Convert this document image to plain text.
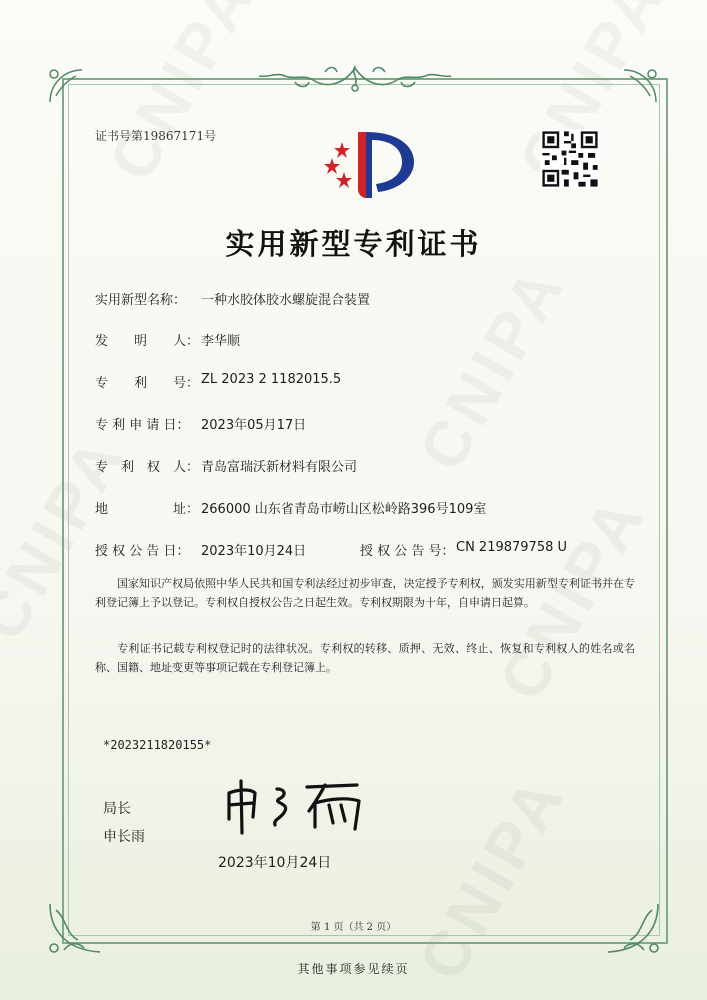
证书号第19867171号
实用新型专利证书
实用新型名称： 一种水胶体胶水螺旋混合装置
发　　明　　人： 李华顺
专　　利　　号： ZL 2023 2 1182015.5
专 利 申 请 日： 2023年05月17日
专　利　权　人： 青岛富瑞沃新材料有限公司
地　　　　　址： 266000 山东省青岛市崂山区松岭路396号109室
授 权 公 告 日： 2023年10月24日	授 权 公 告 号： CN 219879758 U
国家知识产权局依照中华人民共和国专利法经过初步审查，决定授予专利权，颁发实用新型专利证书并在专利登记簿上予以登记。专利权自授权公告之日起生效。专利权期限为十年，自申请日起算。
专利证书记载专利权登记时的法律状况。专利权的转移、质押、无效、终止、恢复和专利权人的姓名或名称、国籍、地址变更等事项记载在专利登记簿上。
*2023211820155*
局长
申长雨
2023年10月24日
第 1 页（共 2 页）
其他事项参见续页
